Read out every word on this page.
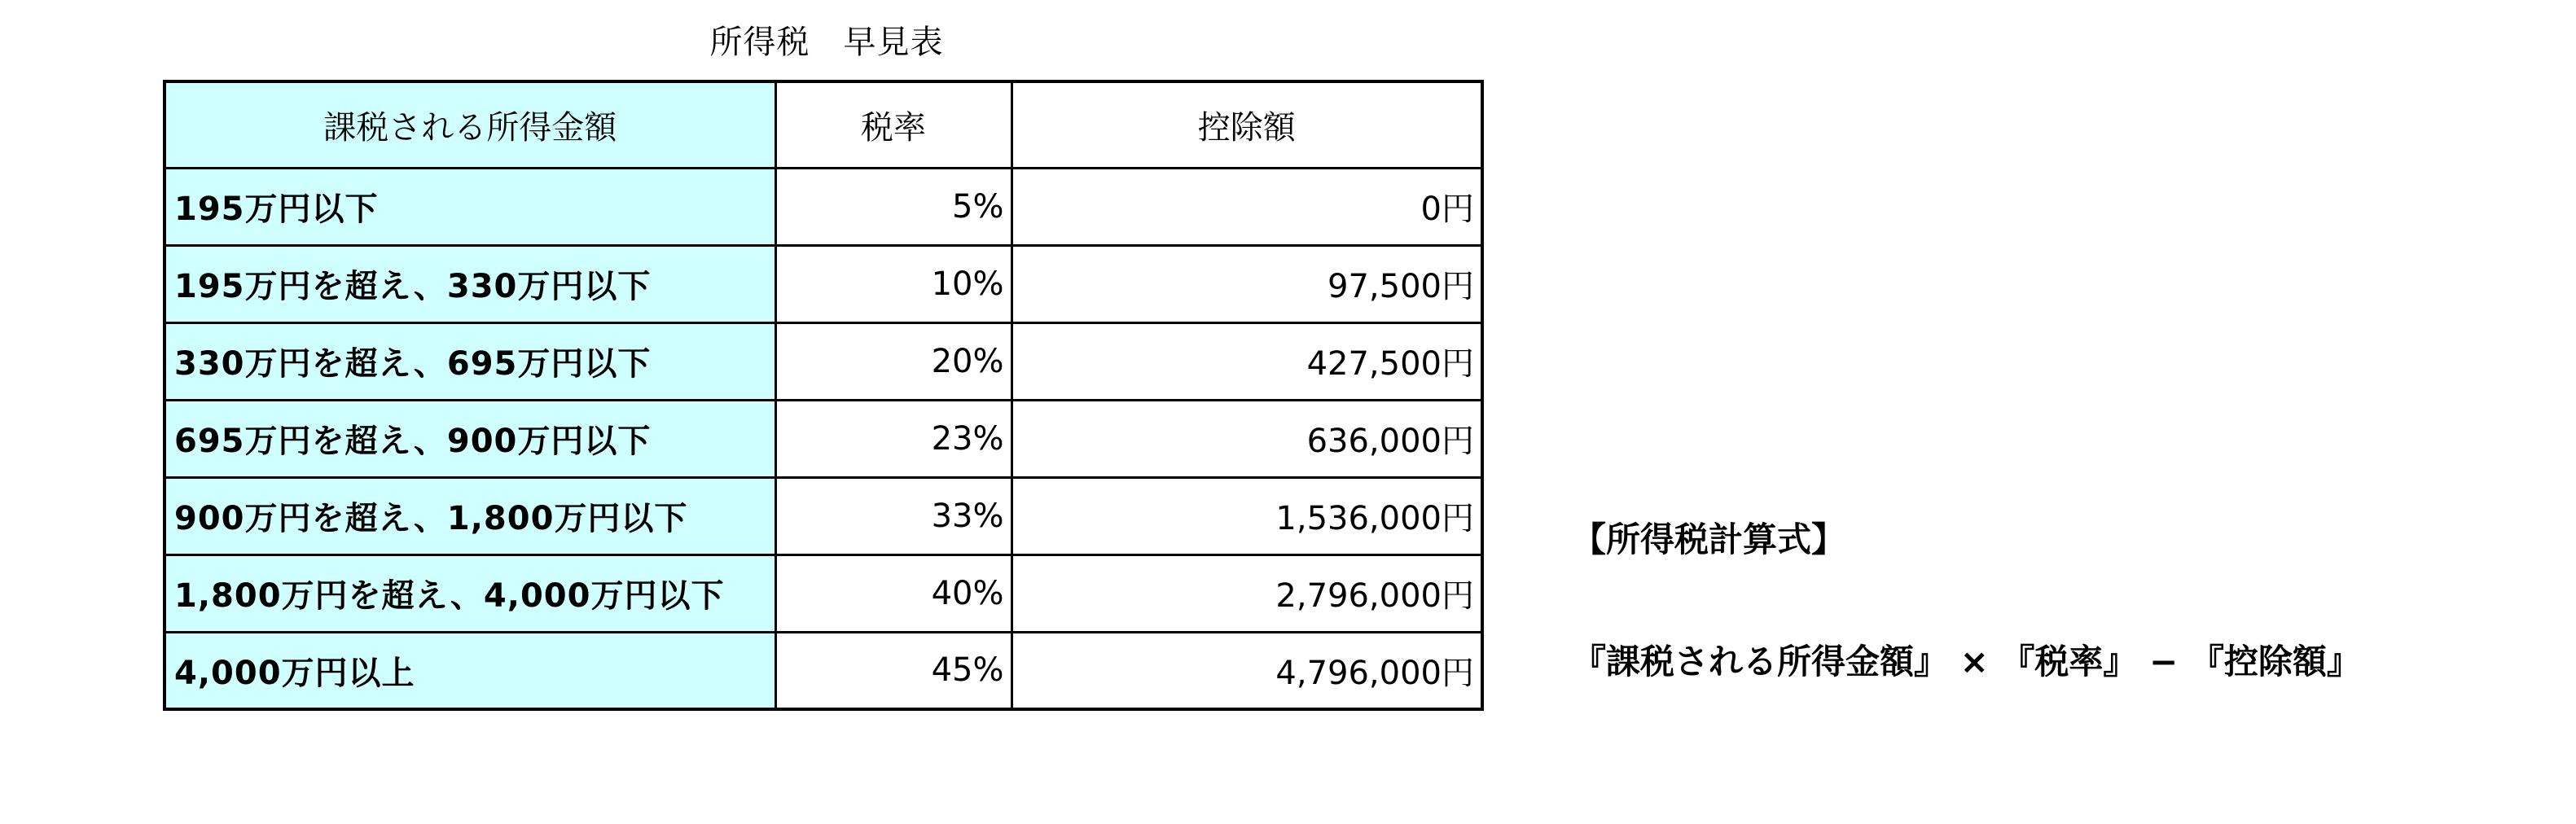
所得税　早見表
課税される所得金額	税率	控除額
195万円以下	5%	0円
195万円を超え、330万円以下	10%	97,500円
330万円を超え、695万円以下	20%	427,500円
695万円を超え、900万円以下	23%	636,000円
900万円を超え、1,800万円以下	33%	1,536,000円
1,800万円を超え、4,000万円以下	40%	2,796,000円
4,000万円以上	45%	4,796,000円
【所得税計算式】
『課税される所得金額』 × 『税率』 − 『控除額』
